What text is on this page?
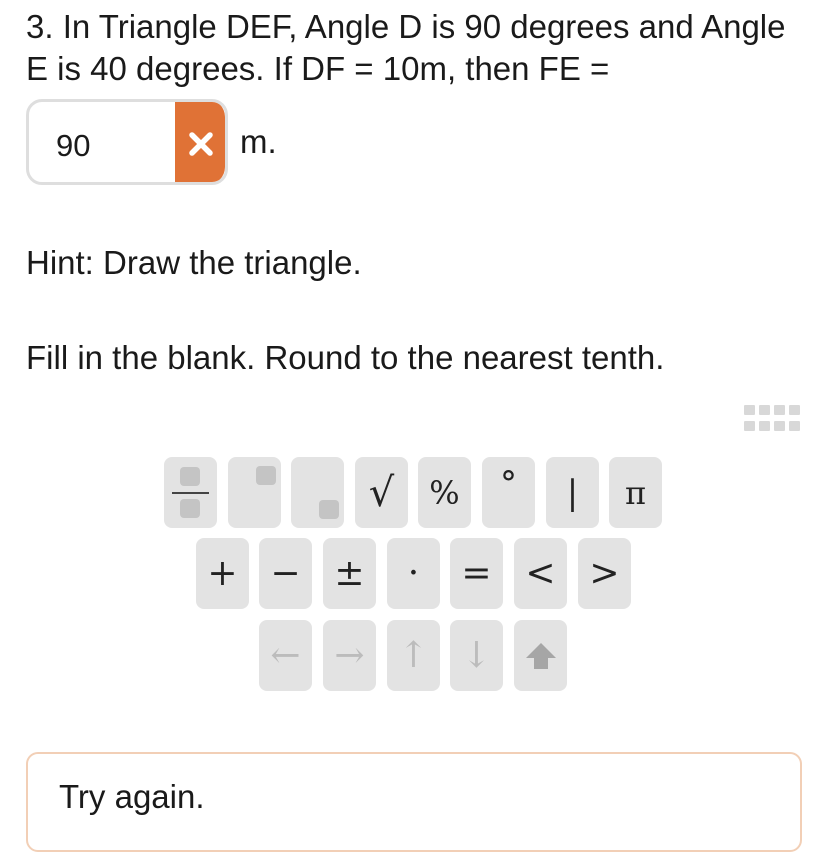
3. In Triangle DEF, Angle D is 90 degrees and Angle E is 40 degrees. If DF = 10m, then FE =
90	m.
Hint: Draw the triangle.
Fill in the blank. Round to the nearest tenth.
√ % ° | π
+ − ± · = < >
← → ↑ ↓
Try again.
